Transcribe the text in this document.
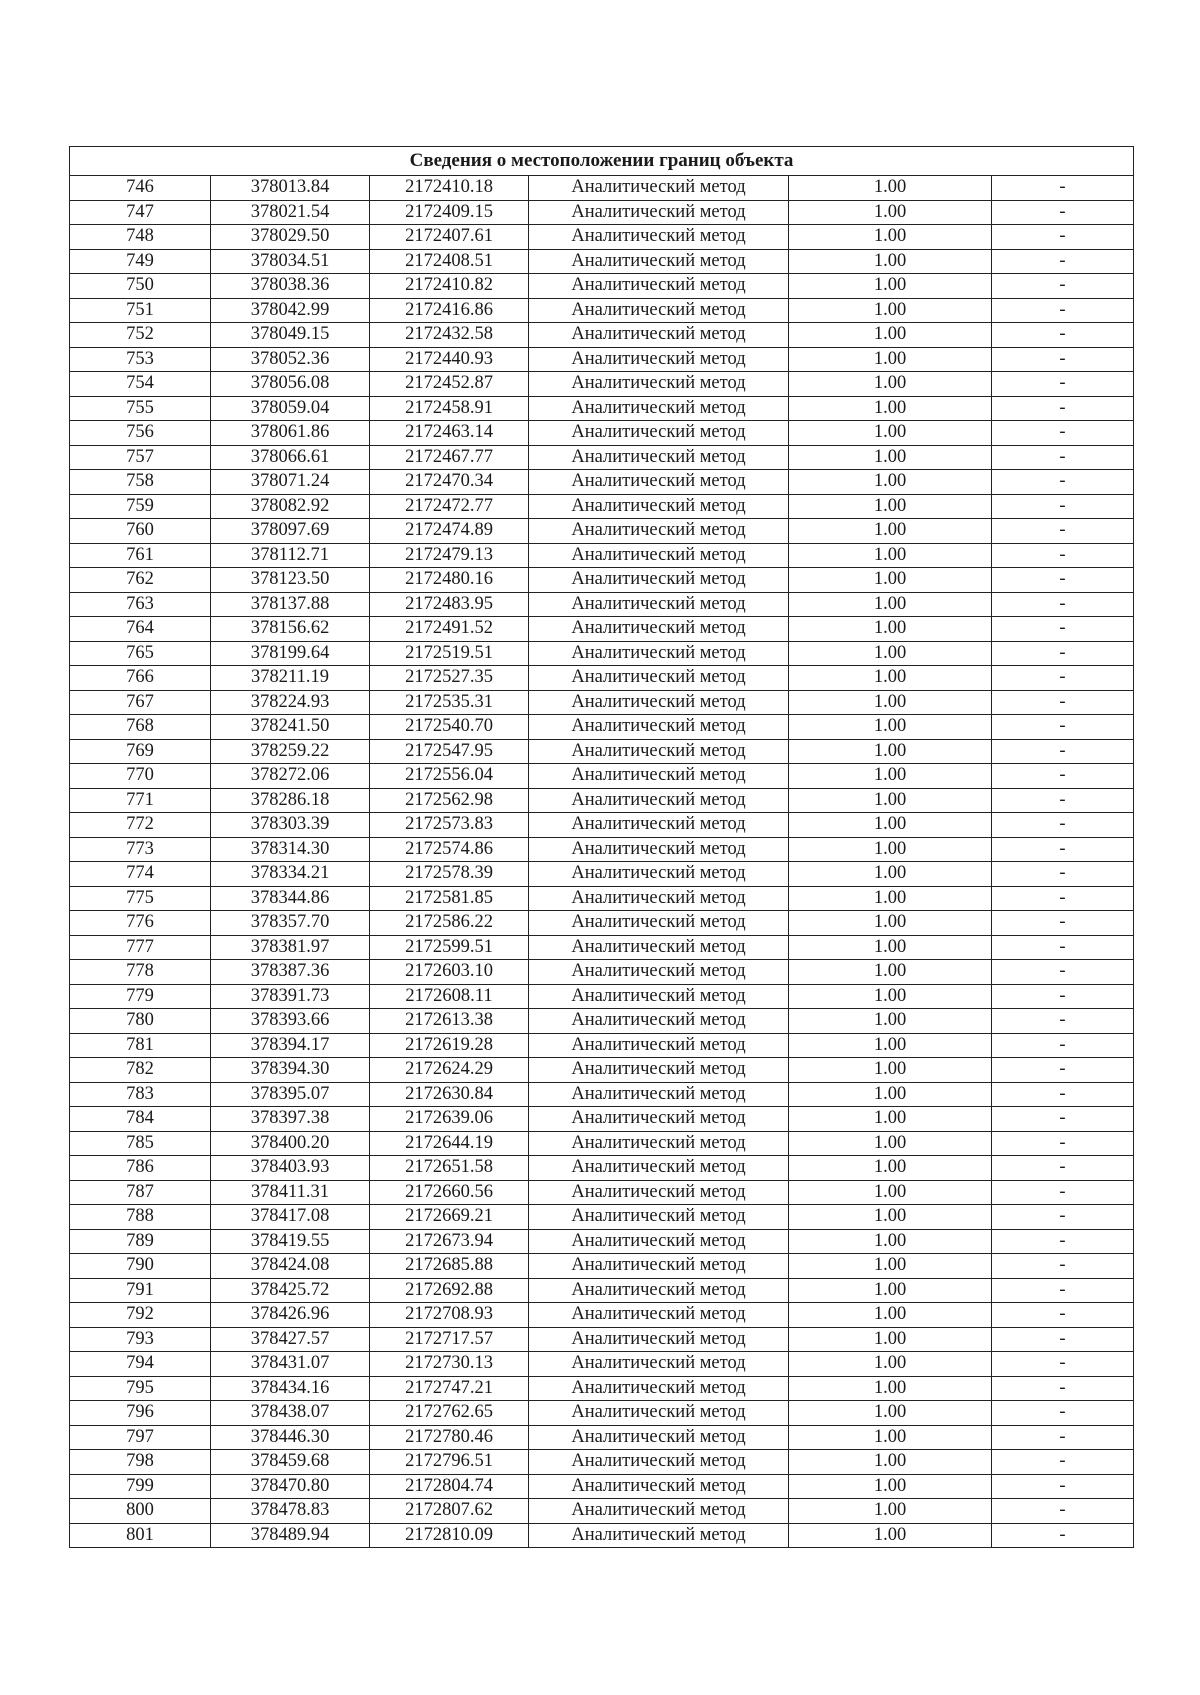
Сведения о местоположении границ объекта					
746	378013.84	2172410.18	Аналитический метод	1.00	-
747	378021.54	2172409.15	Аналитический метод	1.00	-
748	378029.50	2172407.61	Аналитический метод	1.00	-
749	378034.51	2172408.51	Аналитический метод	1.00	-
750	378038.36	2172410.82	Аналитический метод	1.00	-
751	378042.99	2172416.86	Аналитический метод	1.00	-
752	378049.15	2172432.58	Аналитический метод	1.00	-
753	378052.36	2172440.93	Аналитический метод	1.00	-
754	378056.08	2172452.87	Аналитический метод	1.00	-
755	378059.04	2172458.91	Аналитический метод	1.00	-
756	378061.86	2172463.14	Аналитический метод	1.00	-
757	378066.61	2172467.77	Аналитический метод	1.00	-
758	378071.24	2172470.34	Аналитический метод	1.00	-
759	378082.92	2172472.77	Аналитический метод	1.00	-
760	378097.69	2172474.89	Аналитический метод	1.00	-
761	378112.71	2172479.13	Аналитический метод	1.00	-
762	378123.50	2172480.16	Аналитический метод	1.00	-
763	378137.88	2172483.95	Аналитический метод	1.00	-
764	378156.62	2172491.52	Аналитический метод	1.00	-
765	378199.64	2172519.51	Аналитический метод	1.00	-
766	378211.19	2172527.35	Аналитический метод	1.00	-
767	378224.93	2172535.31	Аналитический метод	1.00	-
768	378241.50	2172540.70	Аналитический метод	1.00	-
769	378259.22	2172547.95	Аналитический метод	1.00	-
770	378272.06	2172556.04	Аналитический метод	1.00	-
771	378286.18	2172562.98	Аналитический метод	1.00	-
772	378303.39	2172573.83	Аналитический метод	1.00	-
773	378314.30	2172574.86	Аналитический метод	1.00	-
774	378334.21	2172578.39	Аналитический метод	1.00	-
775	378344.86	2172581.85	Аналитический метод	1.00	-
776	378357.70	2172586.22	Аналитический метод	1.00	-
777	378381.97	2172599.51	Аналитический метод	1.00	-
778	378387.36	2172603.10	Аналитический метод	1.00	-
779	378391.73	2172608.11	Аналитический метод	1.00	-
780	378393.66	2172613.38	Аналитический метод	1.00	-
781	378394.17	2172619.28	Аналитический метод	1.00	-
782	378394.30	2172624.29	Аналитический метод	1.00	-
783	378395.07	2172630.84	Аналитический метод	1.00	-
784	378397.38	2172639.06	Аналитический метод	1.00	-
785	378400.20	2172644.19	Аналитический метод	1.00	-
786	378403.93	2172651.58	Аналитический метод	1.00	-
787	378411.31	2172660.56	Аналитический метод	1.00	-
788	378417.08	2172669.21	Аналитический метод	1.00	-
789	378419.55	2172673.94	Аналитический метод	1.00	-
790	378424.08	2172685.88	Аналитический метод	1.00	-
791	378425.72	2172692.88	Аналитический метод	1.00	-
792	378426.96	2172708.93	Аналитический метод	1.00	-
793	378427.57	2172717.57	Аналитический метод	1.00	-
794	378431.07	2172730.13	Аналитический метод	1.00	-
795	378434.16	2172747.21	Аналитический метод	1.00	-
796	378438.07	2172762.65	Аналитический метод	1.00	-
797	378446.30	2172780.46	Аналитический метод	1.00	-
798	378459.68	2172796.51	Аналитический метод	1.00	-
799	378470.80	2172804.74	Аналитический метод	1.00	-
800	378478.83	2172807.62	Аналитический метод	1.00	-
801	378489.94	2172810.09	Аналитический метод	1.00	-
